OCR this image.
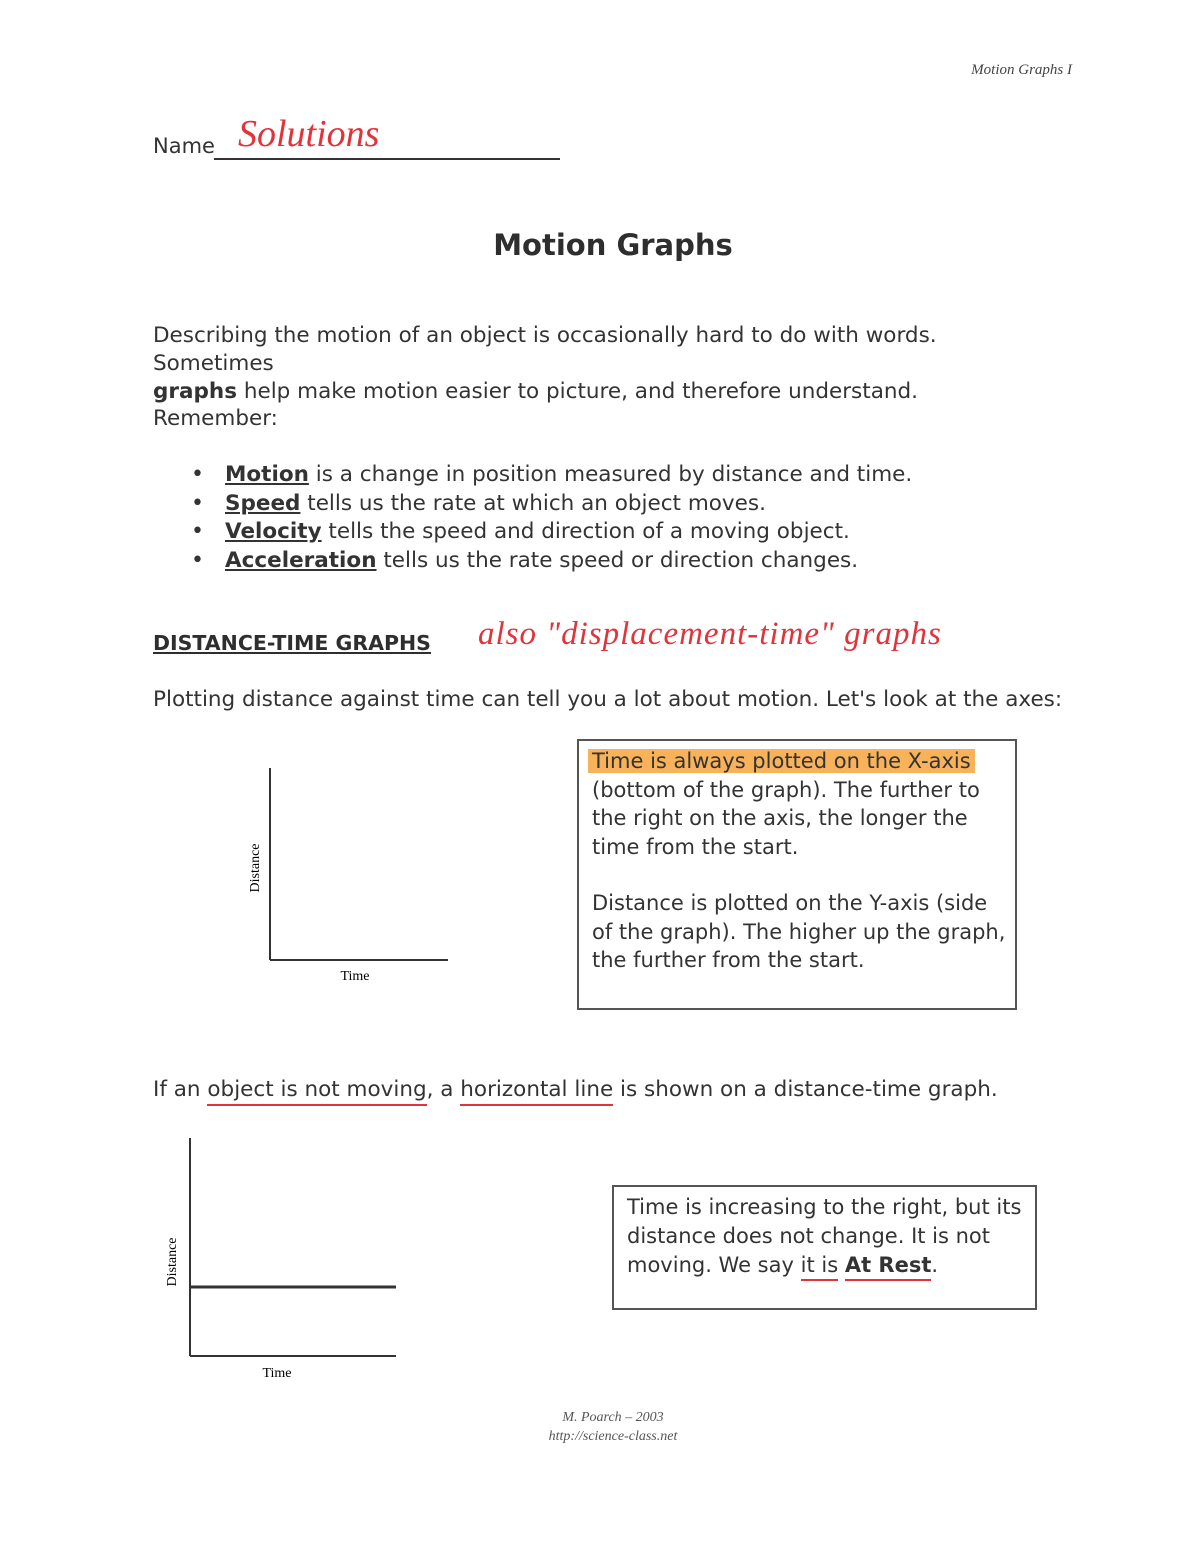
Motion Graphs I
Name Solutions
Motion Graphs
Describing the motion of an object is occasionally hard to do with words. Sometimes
graphs help make motion easier to picture, and therefore understand.
Remember:
• Motion is a change in position measured by distance and time.
• Speed tells us the rate at which an object moves.
• Velocity tells the speed and direction of a moving object.
• Acceleration tells us the rate speed or direction changes.
DISTANCE-TIME GRAPHS also "displacement-time" graphs
Plotting distance against time can tell you a lot about motion. Let's look at the axes:
Distance
Time
Time is always plotted on the X-axis
(bottom of the graph). The further to the right on the axis, the longer the time from the start.
Distance is plotted on the Y-axis (side of the graph). The higher up the graph, the further from the start.
If an object is not moving, a horizontal line is shown on a distance-time graph.
Distance
Time
Time is increasing to the right, but its distance does not change. It is not moving. We say it is At Rest.
M. Poarch – 2003
http://science-class.net
